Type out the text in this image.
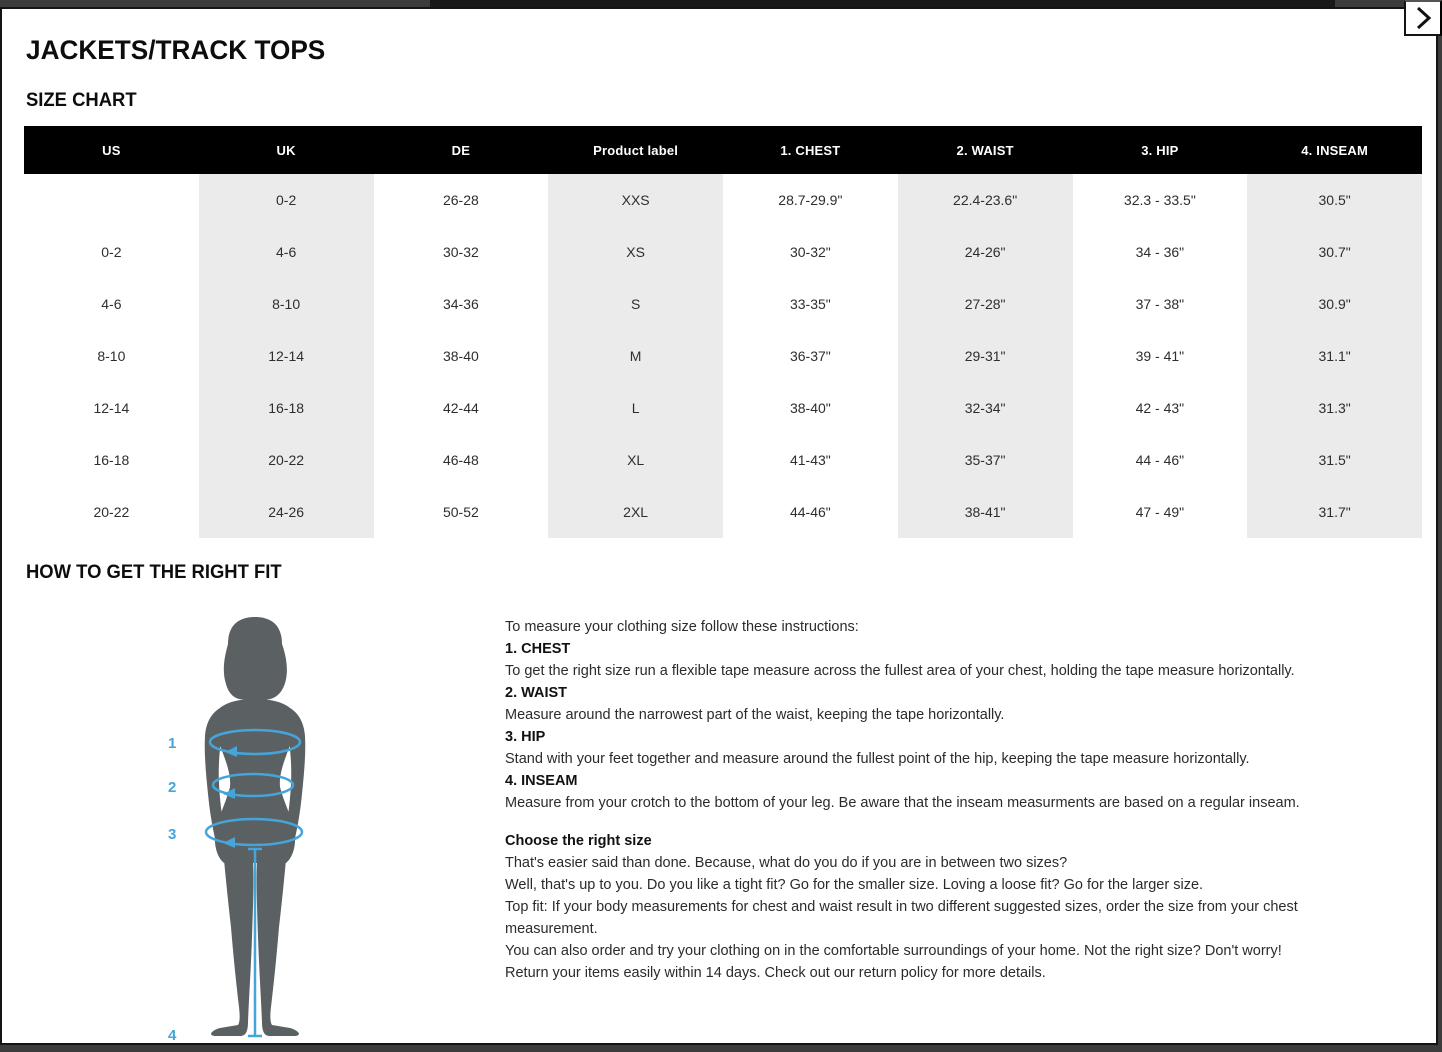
JACKETS/TRACK TOPS
SIZE CHART
US	UK	DE	Product label	1. CHEST	2. WAIST	3. HIP	4. INSEAM
	0-2	26-28	XXS	28.7-29.9"	22.4-23.6"	32.3 - 33.5"	30.5"
0-2	4-6	30-32	XS	30-32"	24-26"	34 - 36"	30.7"
4-6	8-10	34-36	S	33-35"	27-28"	37 - 38"	30.9"
8-10	12-14	38-40	M	36-37"	29-31"	39 - 41"	31.1"
12-14	16-18	42-44	L	38-40"	32-34"	42 - 43"	31.3"
16-18	20-22	46-48	XL	41-43"	35-37"	44 - 46"	31.5"
20-22	24-26	50-52	2XL	44-46"	38-41"	47 - 49"	31.7"
HOW TO GET THE RIGHT FIT
1
2
3
4

To measure your clothing size follow these instructions:

1. CHEST

To get the right size run a flexible tape measure across the fullest area of your chest, holding the tape measure horizontally.

2. WAIST

Measure around the narrowest part of the waist, keeping the tape horizontally.

3. HIP

Stand with your feet together and measure around the fullest point of the hip, keeping the tape measure horizontally.

4. INSEAM

Measure from your crotch to the bottom of your leg. Be aware that the inseam measurments are based on a regular inseam.

Choose the right size

That's easier said than done. Because, what do you do if you are in between two sizes?

Well, that's up to you. Do you like a tight fit? Go for the smaller size. Loving a loose fit? Go for the larger size.

Top fit: If your body measurements for chest and waist result in two different suggested sizes, order the size from your chest measurement.

You can also order and try your clothing on in the comfortable surroundings of your home. Not the right size? Don't worry!

Return your items easily within 14 days. Check out our return policy for more details.
